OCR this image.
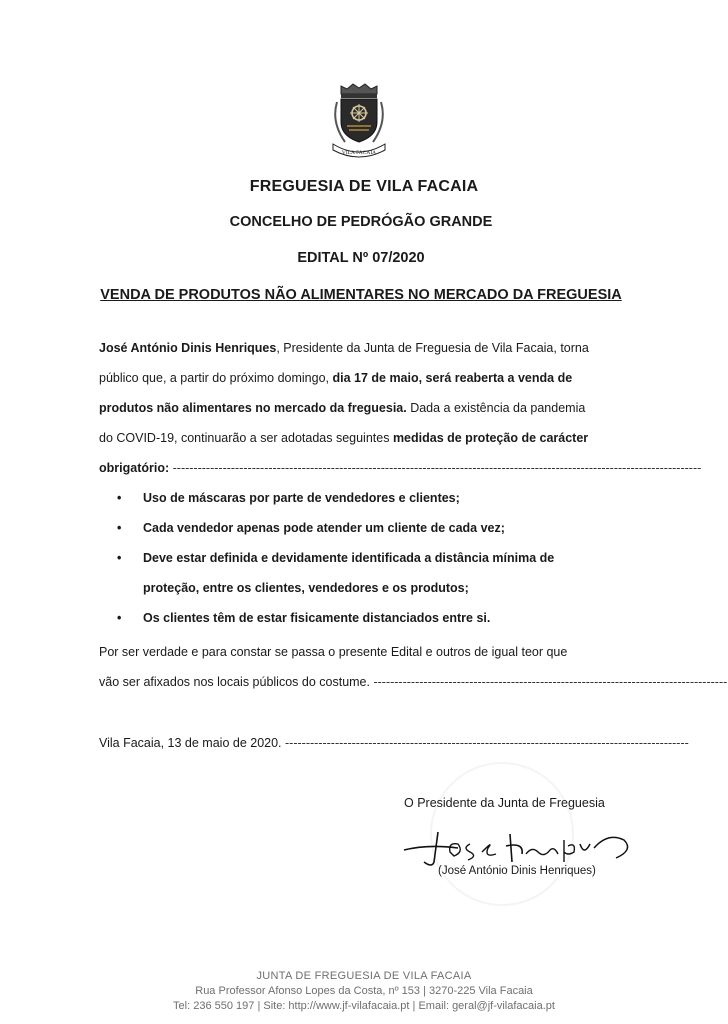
VILA FACAIA
FREGUESIA DE VILA FACAIA
CONCELHO DE PEDRÓGÃO GRANDE
EDITAL Nº 07/2020
VENDA DE PRODUTOS NÃO ALIMENTARES NO MERCADO DA FREGUESIA
José António Dinis Henriques, Presidente da Junta de Freguesia de Vila Facaia, torna
público que, a partir do próximo domingo, dia 17 de maio, será reaberta a venda de
produtos não alimentares no mercado da freguesia. Dada a existência da pandemia
do COVID-19, continuarão a ser adotadas seguintes medidas de proteção de carácter
obrigatório: -------------------------------------------------------------------------------------------------------------------------------
• Uso de máscaras por parte de vendedores e clientes;
• Cada vendedor apenas pode atender um cliente de cada vez;
• Deve estar definida e devidamente identificada a distância mínima de
proteção, entre os clientes, vendedores e os produtos;
• Os clientes têm de estar fisicamente distanciados entre si.
Por ser verdade e para constar se passa o presente Edital e outros de igual teor que
vão ser afixados nos locais públicos do costume. -------------------------------------------------------------------------------------
Vila Facaia, 13 de maio de 2020. -------------------------------------------------------------------------------------------------
O Presidente da Junta de Freguesia
(José António Dinis Henriques)
JUNTA DE FREGUESIA DE VILA FACAIA
Rua Professor Afonso Lopes da Costa, nº 153 | 3270-225 Vila Facaia
Tel: 236 550 197 | Site: http://www.jf-vilafacaia.pt | Email: geral@jf-vilafacaia.pt
